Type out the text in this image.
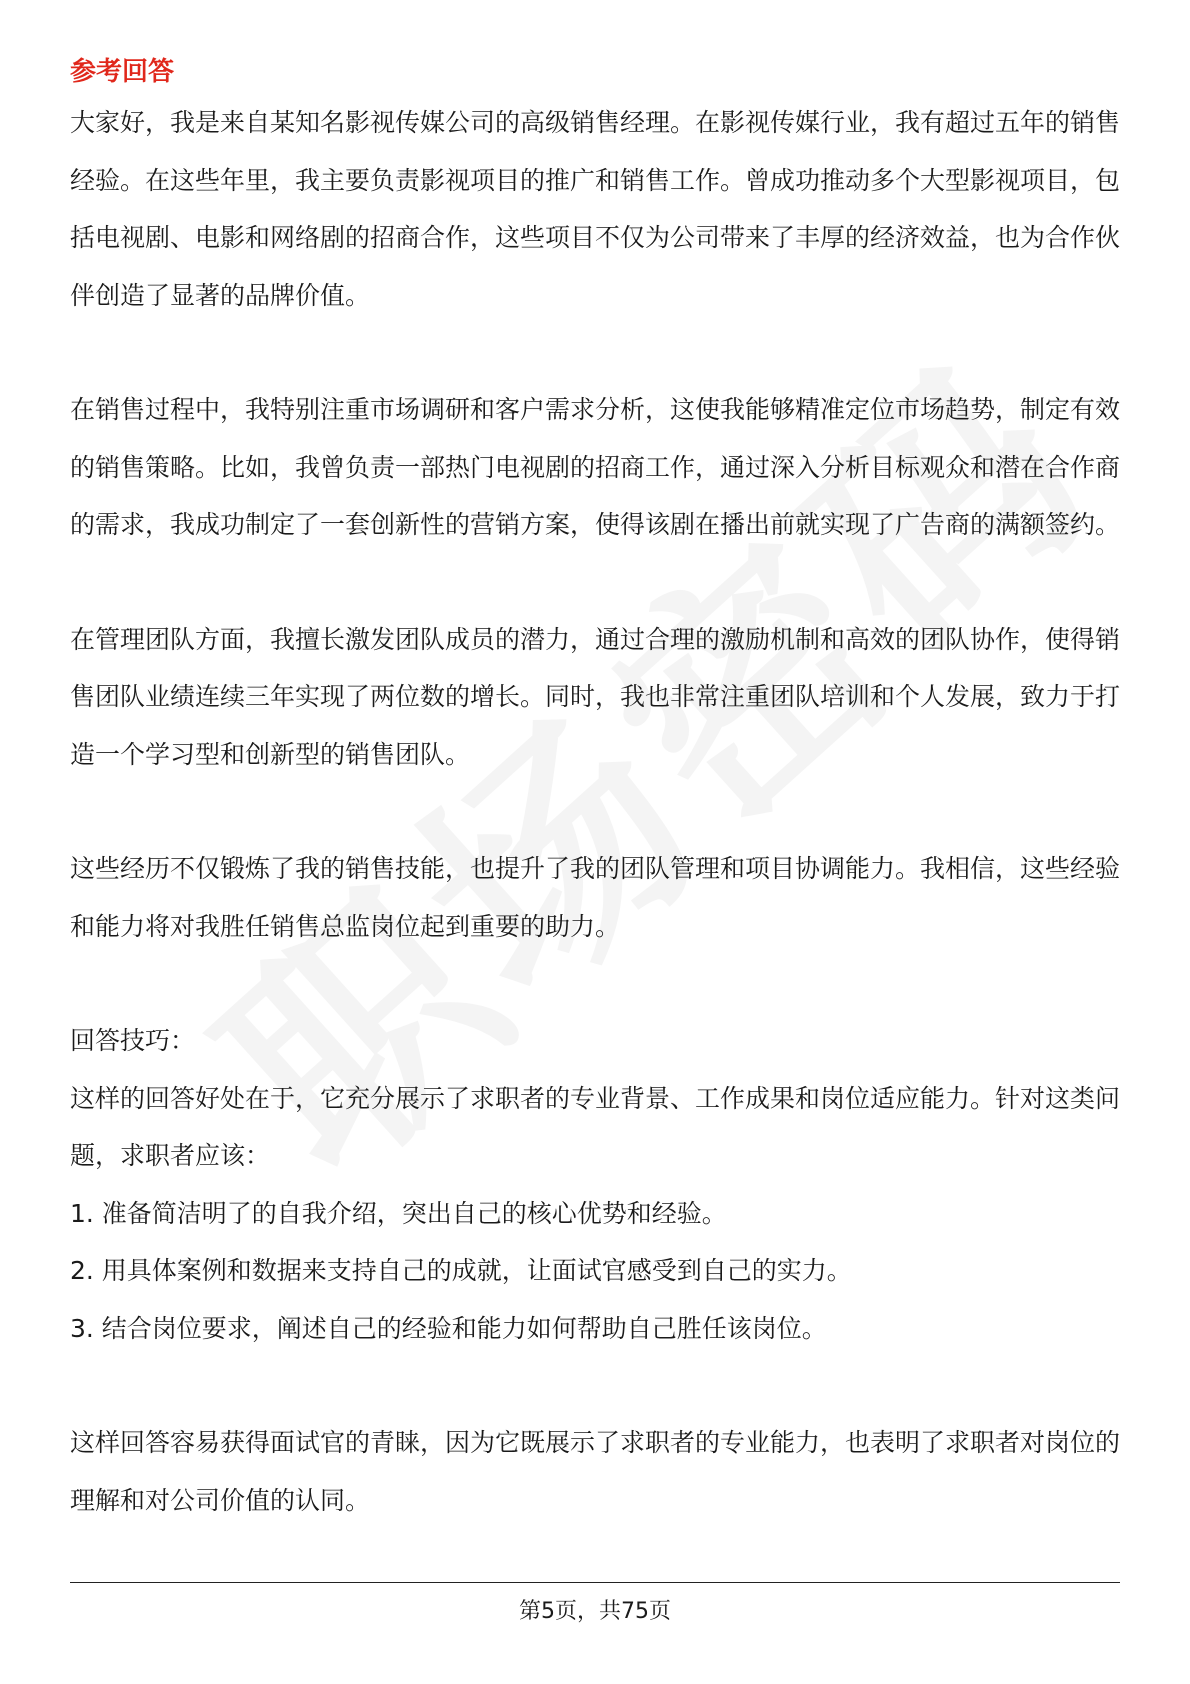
参考回答

大家好，我是来自某知名影视传媒公司的高级销售经理。在影视传媒行业，我有超过五年的销售经验。在这些年里，我主要负责影视项目的推广和销售工作。曾成功推动多个大型影视项目，包括电视剧、电影和网络剧的招商合作，这些项目不仅为公司带来了丰厚的经济效益，也为合作伙伴创造了显著的品牌价值。

在销售过程中，我特别注重市场调研和客户需求分析，这使我能够精准定位市场趋势，制定有效的销售策略。比如，我曾负责一部热门电视剧的招商工作，通过深入分析目标观众和潜在合作商的需求，我成功制定了一套创新性的营销方案，使得该剧在播出前就实现了广告商的满额签约。

在管理团队方面，我擅长激发团队成员的潜力，通过合理的激励机制和高效的团队协作，使得销售团队业绩连续三年实现了两位数的增长。同时，我也非常注重团队培训和个人发展，致力于打造一个学习型和创新型的销售团队。

这些经历不仅锻炼了我的销售技能，也提升了我的团队管理和项目协调能力。我相信，这些经验和能力将对我胜任销售总监岗位起到重要的助力。

回答技巧：

这样的回答好处在于，它充分展示了求职者的专业背景、工作成果和岗位适应能力。针对这类问题，求职者应该：

1. 准备简洁明了的自我介绍，突出自己的核心优势和经验。

2. 用具体案例和数据来支持自己的成就，让面试官感受到自己的实力。

3. 结合岗位要求，阐述自己的经验和能力如何帮助自己胜任该岗位。

这样回答容易获得面试官的青睐，因为它既展示了求职者的专业能力，也表明了求职者对岗位的理解和对公司价值的认同。

第5页，共75页
